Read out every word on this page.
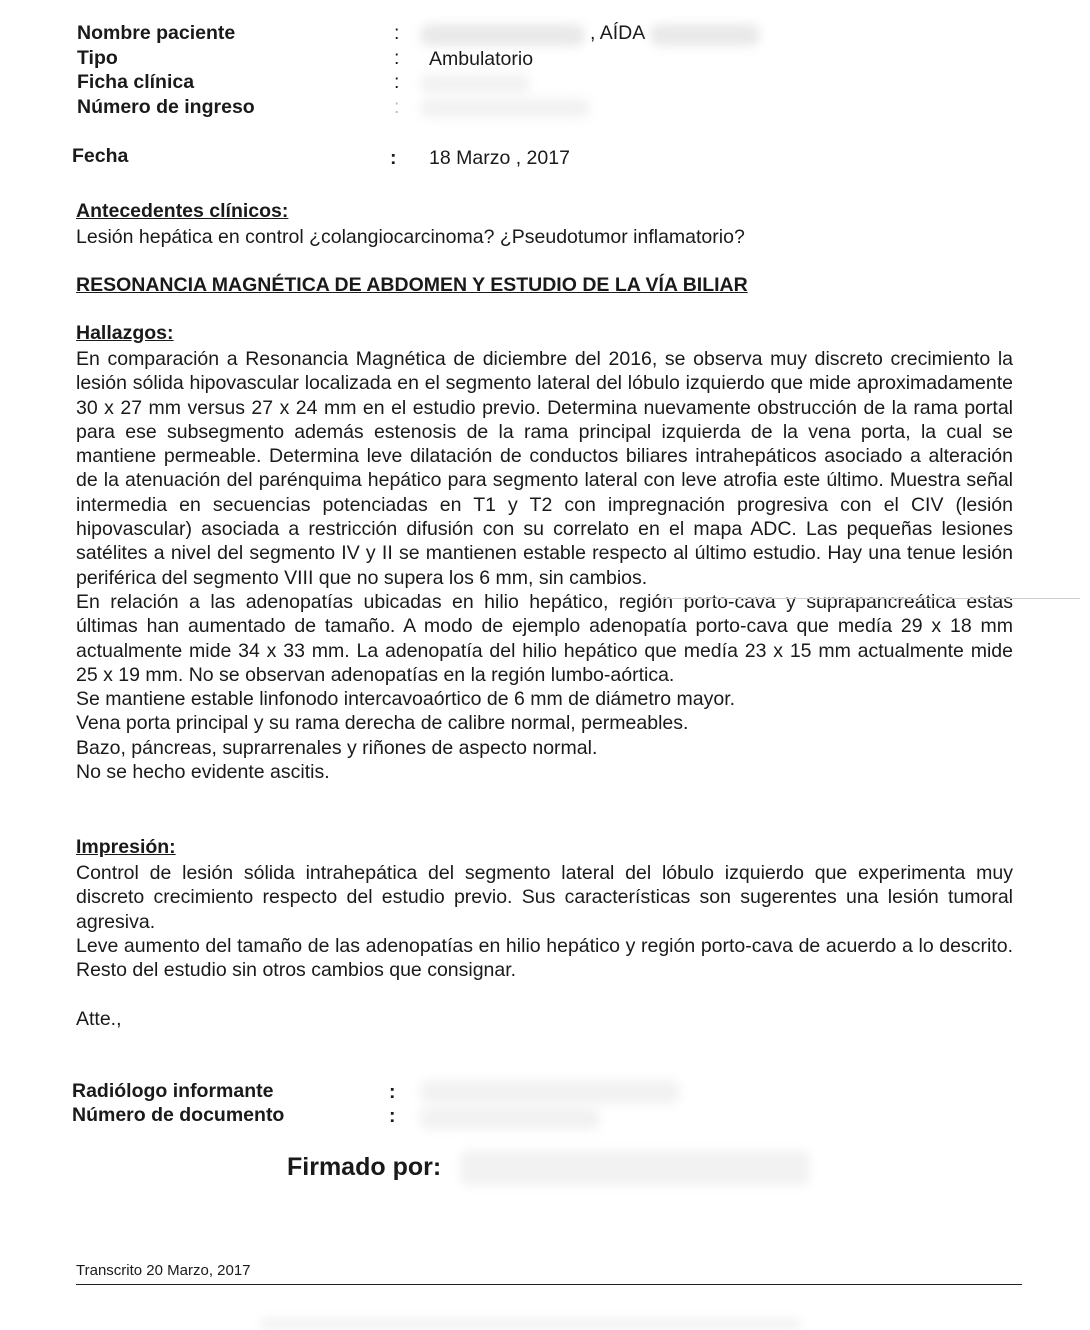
Nombre paciente	:	, AÍDA
Tipo	: Ambulatorio
Ficha clínica	:
Número de ingreso	:
Fecha	: 18 Marzo , 2017
Antecedentes clínicos:
Lesión hepática en control ¿colangiocarcinoma? ¿Pseudotumor inflamatorio?
RESONANCIA MAGNÉTICA DE ABDOMEN Y ESTUDIO DE LA VÍA BILIAR
Hallazgos:

En comparación a Resonancia Magnética de diciembre del 2016, se observa muy discreto crecimiento la lesión sólida hipovascular localizada en el segmento lateral del lóbulo izquierdo que mide aproximadamente 30 x 27 mm versus 27 x 24 mm en el estudio previo. Determina nuevamente obstrucción de la rama portal para ese subsegmento además estenosis de la rama principal izquierda de la vena porta, la cual se mantiene permeable. Determina leve dilatación de conductos biliares intrahepáticos asociado a alteración de la atenuación del parénquima hepático para segmento lateral con leve atrofia este último. Muestra señal intermedia en secuencias potenciadas en T1 y T2 con impregnación progresiva con el CIV (lesión hipovascular) asociada a restricción difusión con su correlato en el mapa ADC. Las pequeñas lesiones satélites a nivel del segmento IV y II se mantienen estable respecto al último estudio. Hay una tenue lesión periférica del segmento VIII que no supera los 6 mm, sin cambios.

En relación a las adenopatías ubicadas en hilio hepático, región porto-cava y suprapancreática estas últimas han aumentado de tamaño. A modo de ejemplo adenopatía porto-cava que medía 29 x 18 mm actualmente mide 34 x 33 mm. La adenopatía del hilio hepático que medía 23 x 15 mm actualmente mide 25 x 19 mm. No se observan adenopatías en la región lumbo-aórtica.

Se mantiene estable linfonodo intercavoaórtico de 6 mm de diámetro mayor.

Vena porta principal y su rama derecha de calibre normal, permeables.

Bazo, páncreas, suprarrenales y riñones de aspecto normal.

No se hecho evidente ascitis.

Impresión:

Control de lesión sólida intrahepática del segmento lateral del lóbulo izquierdo que experimenta muy discreto crecimiento respecto del estudio previo. Sus características son sugerentes una lesión tumoral agresiva.

Leve aumento del tamaño de las adenopatías en hilio hepático y región porto-cava de acuerdo a lo descrito. Resto del estudio sin otros cambios que consignar.

Atte.,
Radiólogo informante	:
Número de documento	:
Firmado por:
Transcrito 20 Marzo, 2017
